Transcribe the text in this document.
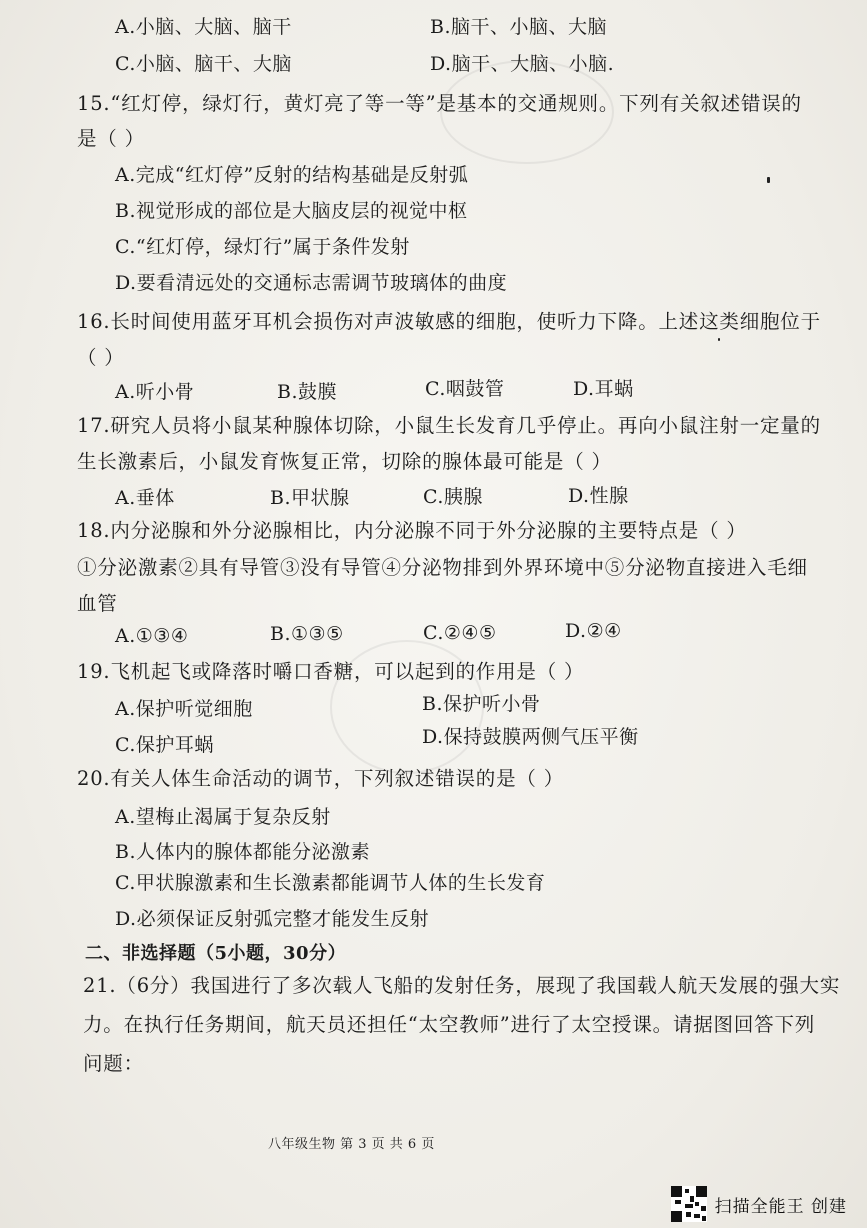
A.小脑、大脑、脑干	B.脑干、小脑、大脑
C.小脑、脑干、大脑	D.脑干、大脑、小脑.
15.“红灯停，绿灯行，黄灯亮了等一等”是基本的交通规则。下列有关叙述错误的
是（ ）
A.完成“红灯停”反射的结构基础是反射弧
B.视觉形成的部位是大脑皮层的视觉中枢
C.“红灯停，绿灯行”属于条件发射
D.要看清远处的交通标志需调节玻璃体的曲度
16.长时间使用蓝牙耳机会损伤对声波敏感的细胞，使听力下降。上述这类细胞位于
（ ）
A.听小骨	B.鼓膜	C.咽鼓管	D.耳蜗
17.研究人员将小鼠某种腺体切除，小鼠生长发育几乎停止。再向小鼠注射一定量的
生长激素后，小鼠发育恢复正常，切除的腺体最可能是（ ）
A.垂体	B.甲状腺	C.胰腺	D.性腺
18.内分泌腺和外分泌腺相比，内分泌腺不同于外分泌腺的主要特点是（ ）
①分泌激素②具有导管③没有导管④分泌物排到外界环境中⑤分泌物直接进入毛细
血管
A.①③④	B.①③⑤	C.②④⑤	D.②④
19.飞机起飞或降落时嚼口香糖，可以起到的作用是（ ）
A.保护听觉细胞	B.保护听小骨
C.保护耳蜗	D.保持鼓膜两侧气压平衡
20.有关人体生命活动的调节，下列叙述错误的是（ ）
A.望梅止渴属于复杂反射
B.人体内的腺体都能分泌激素
C.甲状腺激素和生长激素都能调节人体的生长发育
D.必须保证反射弧完整才能发生反射
二、非选择题（5小题，30分）
21.（6分）我国进行了多次载人飞船的发射任务，展现了我国载人航天发展的强大实
力。在执行任务期间，航天员还担任“太空教师”进行了太空授课。请据图回答下列
问题：
八年级生物 第 3 页 共 6 页
扫描全能王 创建
